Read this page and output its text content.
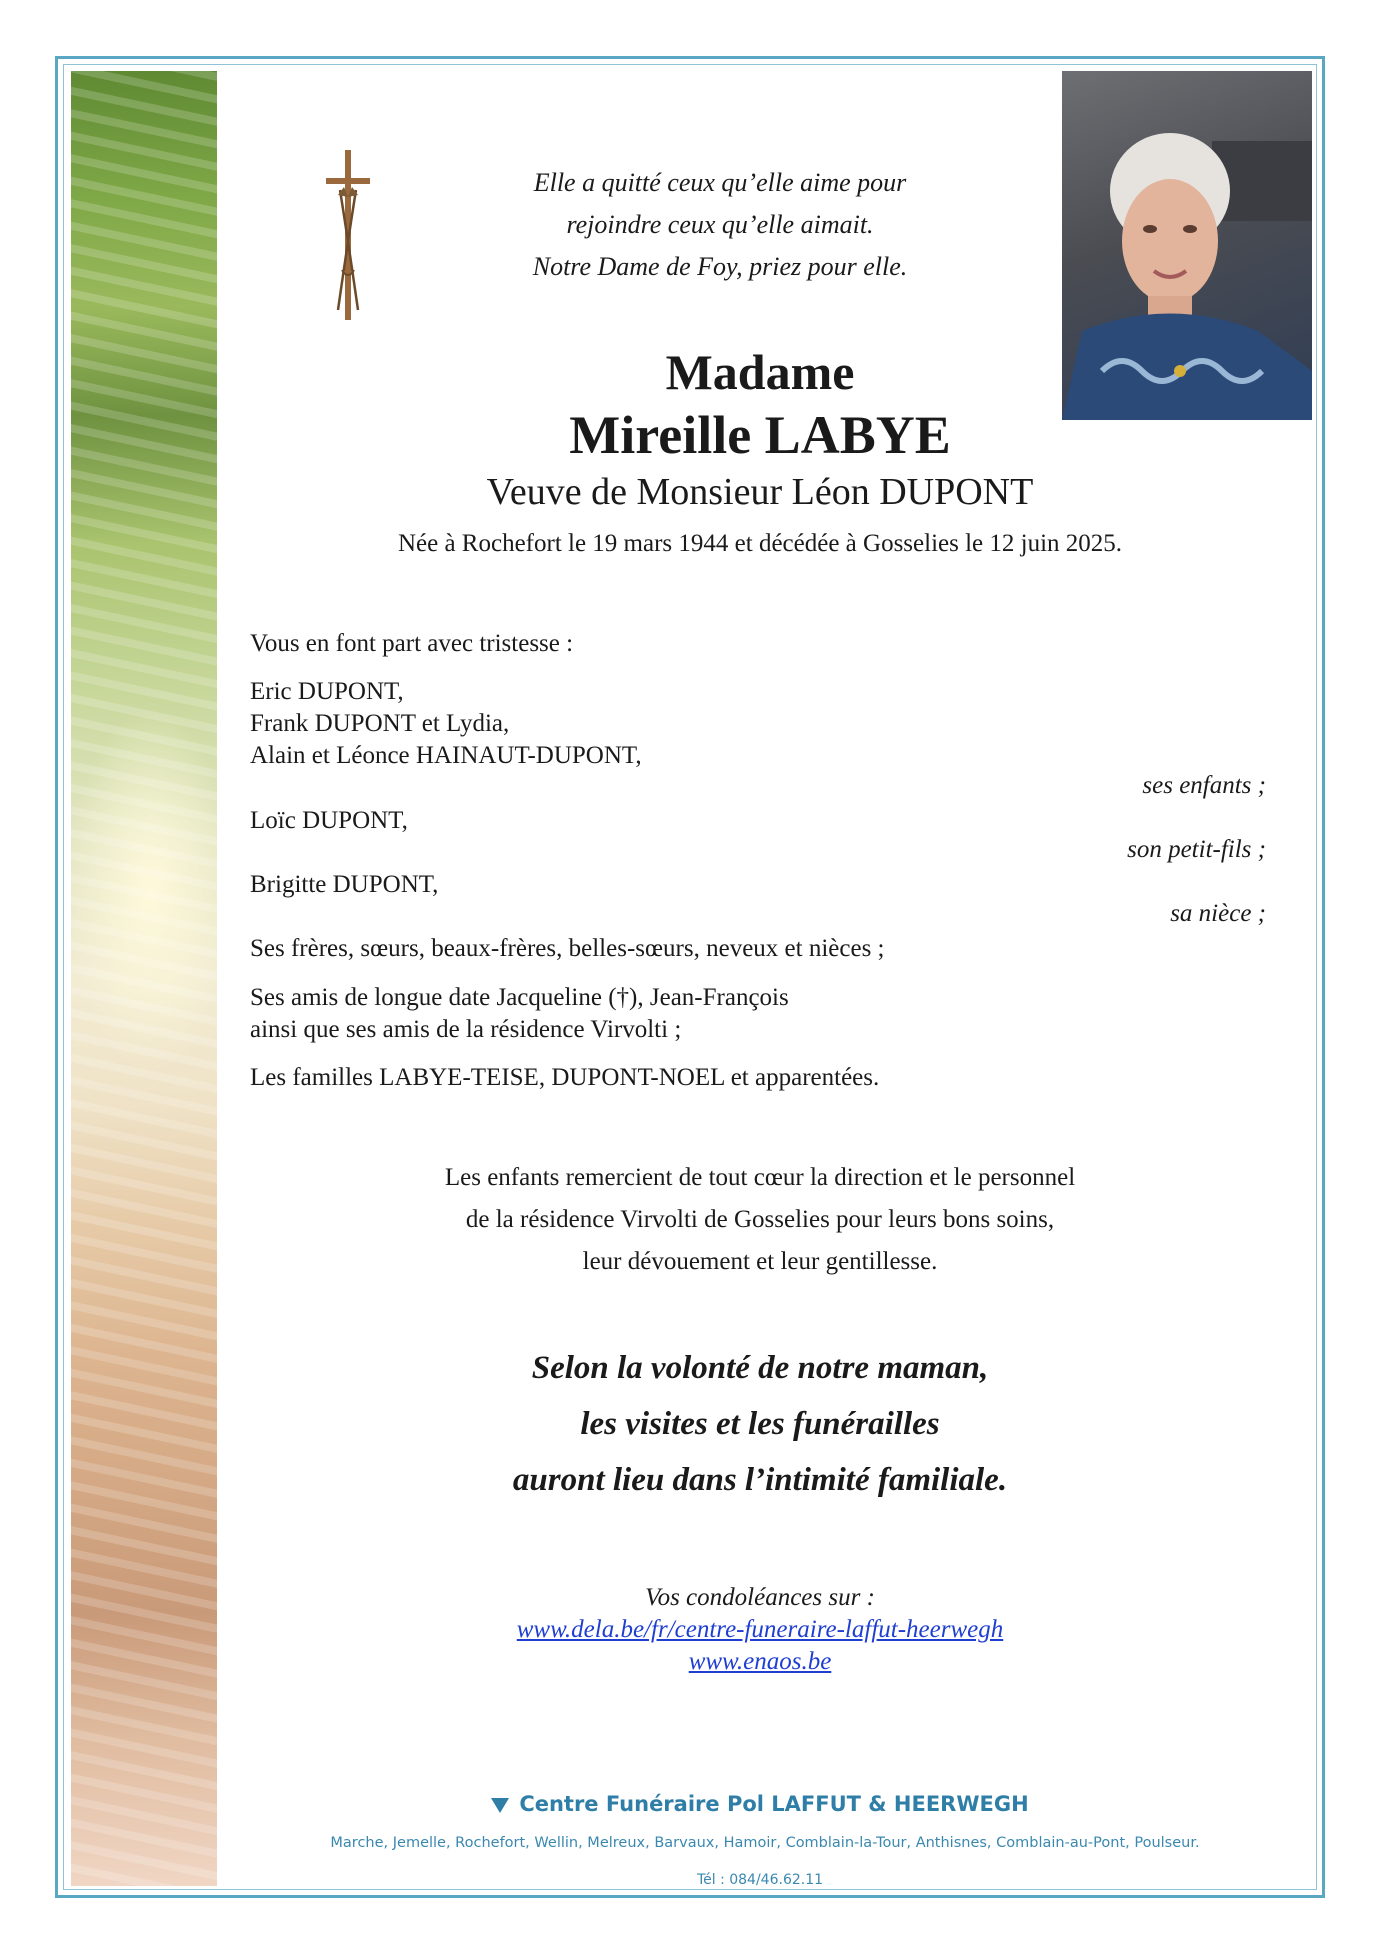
Elle a quitté ceux qu’elle aime pour
rejoindre ceux qu’elle aimait.
Notre Dame de Foy, priez pour elle.
Madame
Mireille LABYE
Veuve de Monsieur Léon DUPONT
Née à Rochefort le 19 mars 1944 et décédée à Gosselies le 12 juin 2025.
Vous en font part avec tristesse :
Eric DUPONT,
Frank DUPONT et Lydia,
Alain et Léonce HAINAUT-DUPONT,
ses enfants ;
Loïc DUPONT,
son petit-fils ;
Brigitte DUPONT,
sa nièce ;
Ses frères, sœurs, beaux-frères, belles-sœurs, neveux et nièces ;
Ses amis de longue date Jacqueline (†), Jean-François
ainsi que ses amis de la résidence Virvolti ;
Les familles LABYE-TEISE, DUPONT-NOEL et apparentées.
Les enfants remercient de tout cœur la direction et le personnel
de la résidence Virvolti de Gosselies pour leurs bons soins,
leur dévouement et leur gentillesse.
Selon la volonté de notre maman,
les visites et les funérailles
auront lieu dans l’intimité familiale.
Vos condoléances sur :
www.dela.be/fr/centre-funeraire-laffut-heerwegh
www.enaos.be
Centre Funéraire Pol LAFFUT & HEERWEGH
Marche, Jemelle, Rochefort, Wellin, Melreux, Barvaux, Hamoir, Comblain-la-Tour, Anthisnes, Comblain-au-Pont, Poulseur.
Tél : 084/46.62.11
